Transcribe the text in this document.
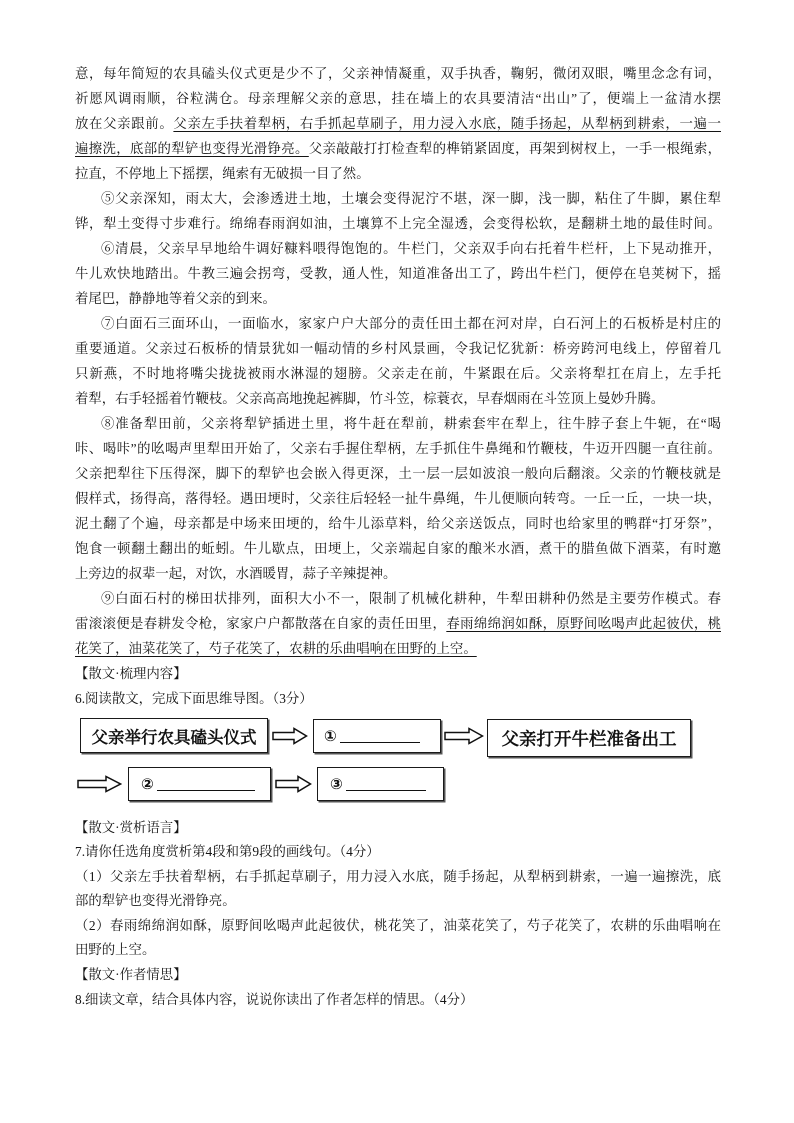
意，每年简短的农具磕头仪式更是少不了，父亲神情凝重，双手执香，鞠躬，微闭双眼，嘴里念念有词，
祈愿风调雨顺，谷粒满仓。母亲理解父亲的意思，挂在墙上的农具要清洁“出山”了，便端上一盆清水摆
放在父亲跟前。父亲左手扶着犁柄，右手抓起草刷子，用力浸入水底，随手扬起，从犁柄到耕索，一遍一
遍擦洗，底部的犁铲也变得光滑铮亮。父亲敲敲打打检查犁的榫销紧固度，再架到树杈上，一手一根绳索，
拉直，不停地上下摇摆，绳索有无破损一目了然。
⑤父亲深知，雨太大，会渗透进土地，土壤会变得泥泞不堪，深一脚，浅一脚，粘住了牛脚，累住犁
铧，犁土变得寸步难行。绵绵春雨润如油，土壤算不上完全湿透，会变得松软，是翻耕土地的最佳时间。
⑥清晨，父亲早早地给牛调好糠料喂得饱饱的。牛栏门，父亲双手向右托着牛栏杆，上下晃动推开，
牛儿欢快地踏出。牛教三遍会拐弯，受教，通人性，知道准备出工了，跨出牛栏门，便停在皂荚树下，摇
着尾巴，静静地等着父亲的到来。
⑦白面石三面环山，一面临水，家家户户大部分的责任田土都在河对岸，白石河上的石板桥是村庄的
重要通道。父亲过石板桥的情景犹如一幅动情的乡村风景画，令我记忆犹新：桥旁跨河电线上，停留着几
只新燕，不时地将嘴尖拢拢被雨水淋湿的翅膀。父亲走在前，牛紧跟在后。父亲将犁扛在肩上，左手托
着犁，右手轻摇着竹鞭枝。父亲高高地挽起裤脚，竹斗笠，棕蓑衣，早春烟雨在斗笠顶上曼妙升腾。
⑧准备犁田前，父亲将犁铲插进土里，将牛赶在犁前，耕索套牢在犁上，往牛脖子套上牛轭，在“喝
咔、喝咔”的吆喝声里犁田开始了，父亲右手握住犁柄，左手抓住牛鼻绳和竹鞭枝，牛迈开四腿一直往前。
父亲把犁往下压得深，脚下的犁铲也会嵌入得更深，土一层一层如波浪一般向后翻滚。父亲的竹鞭枝就是
假样式，扬得高，落得轻。遇田埂时，父亲往后轻轻一扯牛鼻绳，牛儿便顺向转弯。一丘一丘，一块一块，
泥土翻了个遍，母亲都是中场来田埂的，给牛儿添草料，给父亲送饭点，同时也给家里的鸭群“打牙祭”，
饱食一顿翻土翻出的蚯蚓。牛儿歇点，田埂上，父亲端起自家的酿米水酒，煮干的腊鱼做下酒菜，有时邀
上旁边的叔辈一起，对饮，水酒暖胃，蒜子辛辣提神。
⑨白面石村的梯田状排列，面积大小不一，限制了机械化耕种，牛犁田耕种仍然是主要劳作模式。春
雷滚滚便是春耕发令枪，家家户户都散落在自家的责任田里，春雨绵绵润如酥，原野间吆喝声此起彼伏，桃
花笑了，油菜花笑了，芍子花笑了，农耕的乐曲唱响在田野的上空。
【散文·梳理内容】
6.阅读散文，完成下面思维导图。（3分）
父亲举行农具磕头仪式	①	父亲打开牛栏准备出工
②	③
【散文·赏析语言】
7.请你任选角度赏析第4段和第9段的画线句。（4分）
（1）父亲左手扶着犁柄，右手抓起草刷子，用力浸入水底，随手扬起，从犁柄到耕索，一遍一遍擦洗，底
部的犁铲也变得光滑铮亮。
（2）春雨绵绵润如酥，原野间吆喝声此起彼伏，桃花笑了，油菜花笑了，芍子花笑了，农耕的乐曲唱响在
田野的上空。
【散文·作者情思】
8.细读文章，结合具体内容，说说你读出了作者怎样的情思。（4分）
